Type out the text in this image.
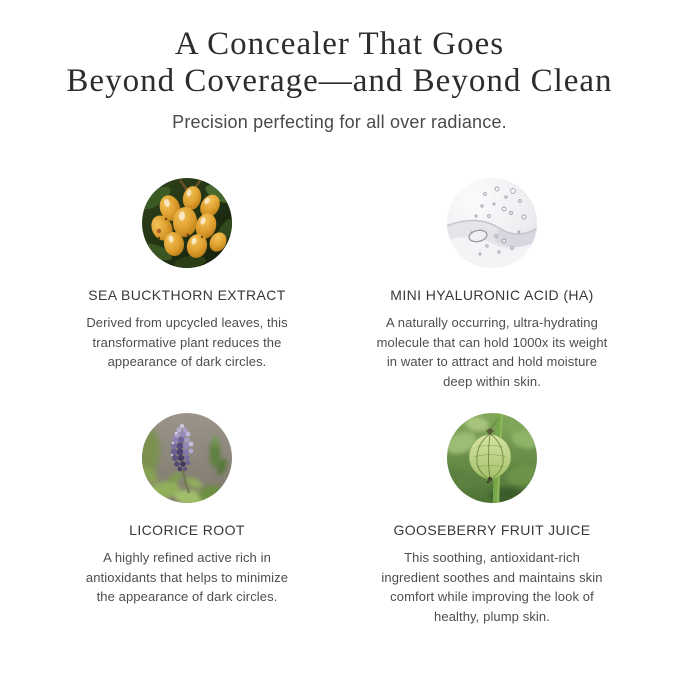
A Concealer That Goes
Beyond Coverage—and Beyond Clean

Precision perfecting for all over radiance.

SEA BUCKTHORN EXTRACT

Derived from upcycled leaves, this transformative plant reduces the appearance of dark circles.

MINI HYALURONIC ACID (HA)

A naturally occurring, ultra-hydrating molecule that can hold 1000x its weight in water to attract and hold moisture deep within skin.

LICORICE ROOT

A highly refined active rich in antioxidants that helps to minimize the appearance of dark circles.

GOOSEBERRY FRUIT JUICE

This soothing, antioxidant-rich ingredient soothes and maintains skin comfort while improving the look of healthy, plump skin.
